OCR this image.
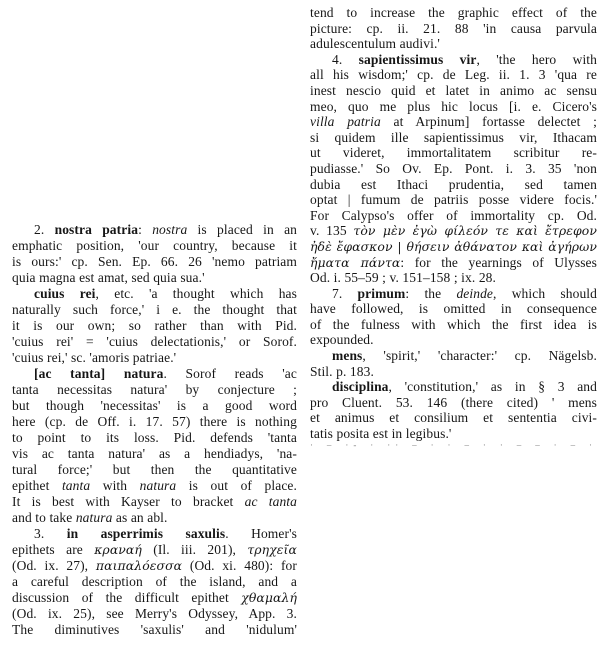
2. nostra patria: nostra is placed in an
emphatic position, 'our country, because it
is ours:' cp. Sen. Ep. 66. 26 'nemo patriam
quia magna est amat, sed quia sua.'
cuius rei, etc. 'a thought which has
naturally such force,' i e. the thought that
it is our own; so rather than with Pid.
'cuius rei' = 'cuius delectationis,' or Sorof.
'cuius rei,' sc. 'amoris patriae.'
[ac tanta] natura. Sorof reads 'ac
tanta necessitas natura' by conjecture ;
but though 'necessitas' is a good word
here (cp. de Off. i. 17. 57) there is nothing
to point to its loss. Pid. defends 'tanta
vis ac tanta natura' as a hendiadys, 'na-
tural force;' but then the quantitative
epithet tanta with natura is out of place.
It is best with Kayser to bracket ac tanta
and to take natura as an abl.
3. in asperrimis saxulis. Homer's
epithets are κραναή (Il. iii. 201), τρηχεῖα
(Od. ix. 27), παιπαλόεσσα (Od. xi. 480): for
a careful description of the island, and a
discussion of the difficult epithet χθαμαλή
(Od. ix. 25), see Merry's Odyssey, App. 3.
The diminutives 'saxulis' and 'nidulum'
tend to increase the graphic effect of the
picture: cp. ii. 21. 88 'in causa parvula
adulescentulum audivi.'
4. sapientissimus vir, 'the hero with
all his wisdom;' cp. de Leg. ii. 1. 3 'qua re
inest nescio quid et latet in animo ac sensu
meo, quo me plus hic locus [i. e. Cicero's
villa patria at Arpinum] fortasse delectet ;
si quidem ille sapientissimus vir, Ithacam
ut videret, immortalitatem scribitur re-
pudiasse.' So Ov. Ep. Pont. i. 3. 35 'non
dubia est Ithaci prudentia, sed tamen
optat | fumum de patriis posse videre focis.'
For Calypso's offer of immortality cp. Od.
v. 135 τὸν μὲν ἐγὼ φίλεόν τε καὶ ἔτρεφον
ἠδὲ ἔφασκον | θήσειν ἀθάνατον καὶ ἀγήρων
ἤματα πάντα: for the yearnings of Ulysses
Od. i. 55–59 ; v. 151–158 ; ix. 28.
7. primum: the deinde, which should
have followed, is omitted in consequence
of the fulness with which the first idea is
expounded.
mens, 'spirit,' 'character:' cp. Nägelsb.
Stil. p. 183.
disciplina, 'constitution,' as in § 3 and
pro Cluent. 53. 146 (there cited) ' mens
et animus et consilium et sententia civi-
tatis posita est in legibus.'
· – ·‑ · ·· – · · – · · – – · – ·
